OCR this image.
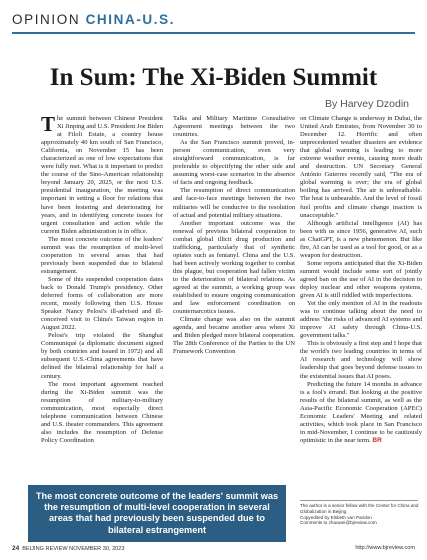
OPINION CHINA-U.S.
In Sum: The Xi-Biden Summit
By Harvey Dzodin

The summit between Chinese President Xi Jinping and U.S. President Joe Biden at Filoli Estate, a country house approximately 40 km south of San Francisco, California, on November 15 has been characterized as one of low expectations that were fully met. What is it important to predict the course of the Sino-American relationship beyond January 20, 2025, or the next U.S. presidential inauguration, the meeting was important in setting a floor for relations that have been festering and deteriorating for years, and in identifying concrete issues for urgent consultation and action while the current Biden administration is in office.

The most concrete outcome of the leaders' summit was the resumption of multi-level cooperation in several areas that had previously been suspended due to bilateral estrangement.

Some of this suspended cooperation dates back to Donald Trump's presidency. Other deferred forms of collaboration are more recent, mostly following then U.S. House Speaker Nancy Pelosi's ill-advised and ill-conceived visit to China's Taiwan region in August 2022.

Pelosi's trip violated the Shanghai Communiqué (a diplomatic document signed by both countries and issued in 1972) and all subsequent U.S.-China agreements that have defined the bilateral relationship for half a century.

The most important agreement reached during the Xi-Biden summit was the resumption of military-to-military communication, most especially direct telephone communication between Chinese and U.S. theater commanders. This agreement also includes the resumption of Defense Policy Coordination

Talks and Military Maritime Consultative Agreement meetings between the two countries.

As the San Francisco summit proved, in-person communication, even very straightforward communication, is far preferable to objectifying the other side and assuming worst-case scenarios in the absence of facts and ongoing feedback.

The resumption of direct communication and face-to-face meetings between the two militaries will be conducive to the resolution of actual and potential military situations.

Another important outcome was the renewal of previous bilateral cooperation to combat global illicit drug production and trafficking, particularly that of synthetic opiates such as fentanyl. China and the U.S. had been actively working together to combat this plague, but cooperation had fallen victim to the deterioration of bilateral relations. As agreed at the summit, a working group was established to ensure ongoing communication and law enforcement coordination on counternarcotics issues.

Climate change was also on the summit agenda, and became another area where Xi and Biden pledged more bilateral cooperation. The 28th Conference of the Parties to the UN Framework Convention

on Climate Change is underway in Dubai, the United Arab Emirates, from November 30 to December 12. Horrific and often unprecedented weather disasters are evidence that global warming is leading to more extreme weather events, causing more death and destruction. UN Secretary General António Guterres recently said, "The era of global warming is over; the era of global boiling has arrived. The air is unbreathable. The heat is unbearable. And the level of fossil fuel profits and climate change inaction is unacceptable."

Although artificial intelligence (AI) has been with us since 1956, generative AI, such as ChatGPT, is a new phenomenon. But like fire, AI can be used as a tool for good, or as a weapon for destruction.

Some reports anticipated that the Xi-Biden summit would include some sort of jointly agreed ban on the use of AI in the decision to deploy nuclear and other weapons systems, given AI is still riddled with imperfections.

Yet the only mention of AI in the readouts was to continue talking about the need to address "the risks of advanced AI systems and improve AI safety through China-U.S. government talks."

This is obviously a first step and I hope that the world's two leading countries in terms of AI research and technology will show leadership that goes beyond defense issues to the existential issues that AI poses.

Predicting the future 14 months in advance is a fool's errand. But looking at the positive results of the bilateral summit, as well as the Asia-Pacific Economic Cooperation (APEC) Economic Leaders' Meeting and related activities, which took place in San Francisco in mid-November, I continue to be cautiously optimistic in the near term. BR

The most concrete outcome of the leaders' summit was the resumption of multi-level cooperation in several areas that had previously been suspended due to bilateral estrangement
The author is a senior fellow with the Center for China and
Globalization in Beijing
Copyedited by Elsbeth van Paridon
Comments to zhaowei@bjreview.com
24 BEIJING REVIEW NOVEMBER 30, 2023	http://www.bjreview.com
